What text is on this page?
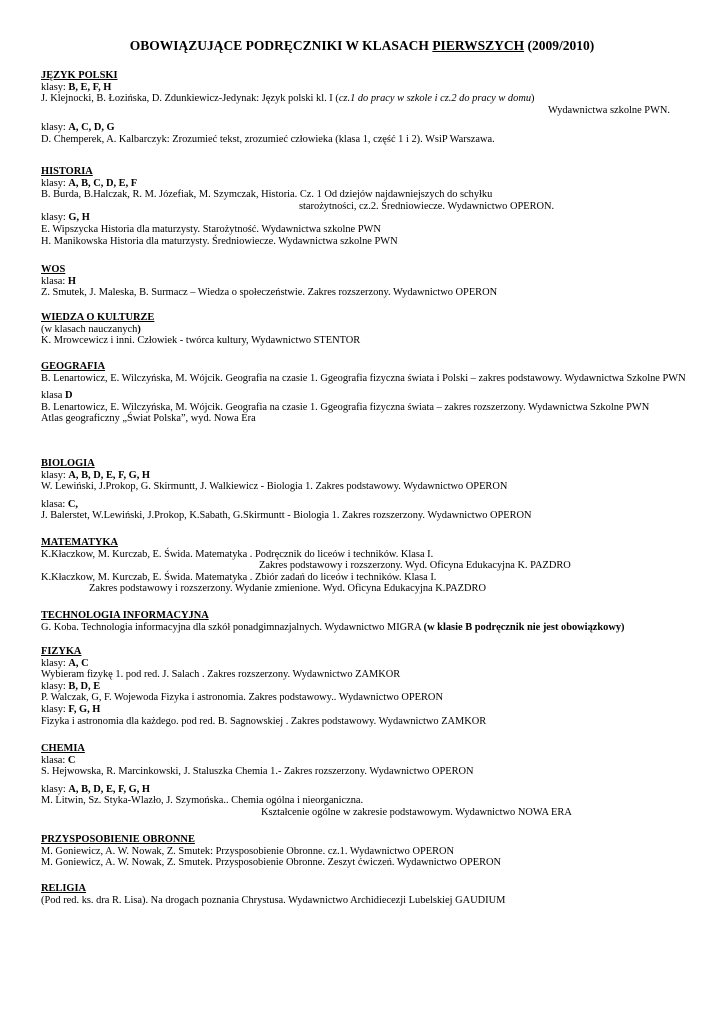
OBOWIĄZUJĄCE PODRĘCZNIKI W KLASACH PIERWSZYCH (2009/2010)
JĘZYK POLSKI
klasy: B, E, F, H
J. Klejnocki, B. Łozińska, D. Zdunkiewicz-Jedynak: Język polski kl. I (cz.1 do pracy w szkole i cz.2 do pracy w domu)
Wydawnictwa szkolne PWN.
klasy: A, C, D, G
D. Chemperek, A. Kalbarczyk: Zrozumieć tekst, zrozumieć człowieka (klasa 1, część 1 i 2). WsiP Warszawa.
HISTORIA
klasy: A, B, C, D, E, F
B. Burda, B.Halczak, R. M. Józefiak, M. Szymczak, Historia. Cz. 1 Od dziejów najdawniejszych do schyłku
starożytności, cz.2. Średniowiecze. Wydawnictwo OPERON.
klasy: G, H
E. Wipszycka Historia dla maturzysty. Starożytność. Wydawnictwa szkolne PWN
H. Manikowska Historia dla maturzysty. Średniowiecze. Wydawnictwa szkolne PWN
WOS
klasa: H
Z. Smutek, J. Maleska, B. Surmacz – Wiedza o społeczeństwie. Zakres rozszerzony. Wydawnictwo OPERON
WIEDZA O KULTURZE
(w klasach nauczanych)
K. Mrowcewicz i inni. Człowiek - twórca kultury, Wydawnictwo STENTOR
GEOGRAFIA
B. Lenartowicz, E. Wilczyńska, M. Wójcik. Geografia na czasie 1. Ggeografia fizyczna świata i Polski – zakres podstawowy. Wydawnictwa Szkolne PWN
klasa D
B. Lenartowicz, E. Wilczyńska, M. Wójcik. Geografia na czasie 1. Ggeografia fizyczna świata – zakres rozszerzony. Wydawnictwa Szkolne PWN
Atlas geograficzny „Świat Polska”, wyd. Nowa Era
BIOLOGIA
klasy: A, B, D, E, F, G, H
W. Lewiński, J.Prokop, G. Skirmuntt, J. Walkiewicz - Biologia 1. Zakres podstawowy. Wydawnictwo OPERON
klasa: C,
J. Balerstet, W.Lewiński, J.Prokop, K.Sabath, G.Skirmuntt - Biologia 1. Zakres rozszerzony. Wydawnictwo OPERON
MATEMATYKA
K.Kłaczkow, M. Kurczab, E. Świda. Matematyka . Podręcznik do liceów i techników. Klasa I.
Zakres podstawowy i rozszerzony. Wyd. Oficyna Edukacyjna K. PAZDRO
K.Kłaczkow, M. Kurczab, E. Świda. Matematyka . Zbiór zadań do liceów i techników. Klasa I.
Zakres podstawowy i rozszerzony. Wydanie zmienione. Wyd. Oficyna Edukacyjna K.PAZDRO
TECHNOLOGIA INFORMACYJNA
G. Koba. Technologia informacyjna dla szkół ponadgimnazjalnych. Wydawnictwo MIGRA (w klasie B podręcznik nie jest obowiązkowy)
FIZYKA
klasy: A, C
Wybieram fizykę 1. pod red. J. Salach . Zakres rozszerzony. Wydawnictwo ZAMKOR
klasy: B, D, E
P. Walczak, G, F. Wojewoda Fizyka i astronomia. Zakres podstawowy.. Wydawnictwo OPERON
klasy: F, G, H
Fizyka i astronomia dla każdego. pod red. B. Sagnowskiej . Zakres podstawowy. Wydawnictwo ZAMKOR
CHEMIA
klasa: C
S. Hejwowska, R. Marcinkowski, J. Staluszka Chemia 1.- Zakres rozszerzony. Wydawnictwo OPERON
klasy: A, B, D, E, F, G, H
M. Litwin, Sz. Styka-Wlazło, J. Szymońska.. Chemia ogólna i nieorganiczna.
Kształcenie ogólne w zakresie podstawowym. Wydawnictwo NOWA ERA
PRZYSPOSOBIENIE OBRONNE
M. Goniewicz, A. W. Nowak, Z. Smutek: Przysposobienie Obronne. cz.1. Wydawnictwo OPERON
M. Goniewicz, A. W. Nowak, Z. Smutek. Przysposobienie Obronne. Zeszyt ćwiczeń. Wydawnictwo OPERON
RELIGIA
(Pod red. ks. dra R. Lisa). Na drogach poznania Chrystusa. Wydawnictwo Archidiecezji Lubelskiej GAUDIUM
